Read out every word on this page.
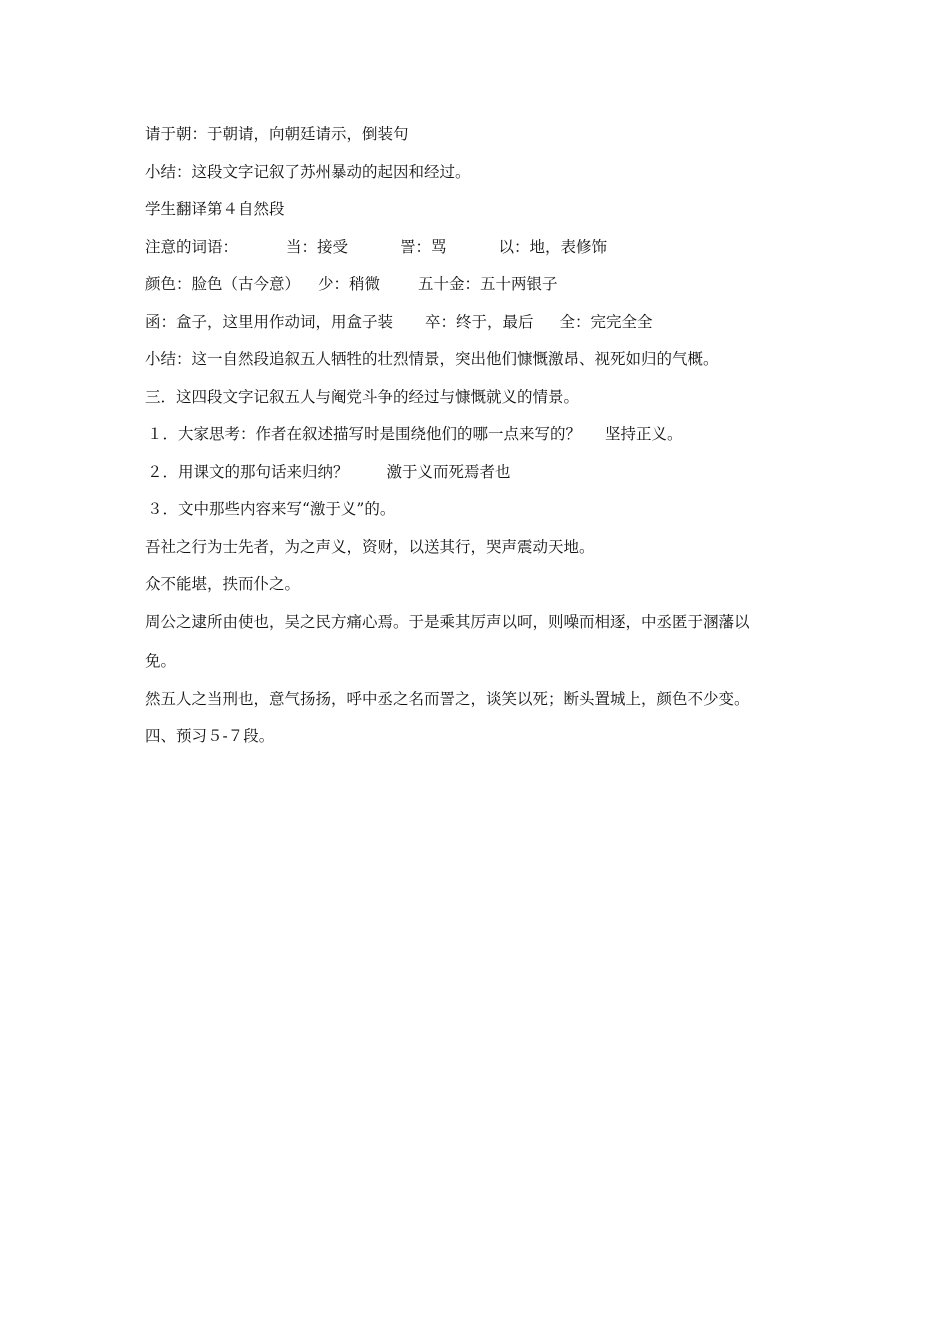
请于朝：于朝请，向朝廷请示，倒装句
小结：这段文字记叙了苏州暴动的起因和经过。
学生翻译第４自然段
注意的词语：	当：接受	詈：骂	以：地，表修饰
颜色：脸色（古今意） 少：稍微 五十金：五十两银子
函：盒子，这里用作动词，用盒子装 卒：终于，最后 全：完完全全
小结：这一自然段追叙五人牺牲的壮烈情景，突出他们慷慨激昂、视死如归的气概。
三．这四段文字记叙五人与阉党斗争的经过与慷慨就义的情景。
１．大家思考：作者在叙述描写时是围绕他们的哪一点来写的？ 坚持正义。
２．用课文的那句话来归纳？ 激于义而死焉者也
３．文中那些内容来写“激于义”的。
吾社之行为士先者，为之声义，资财，以送其行，哭声震动天地。
众不能堪，抶而仆之。
周公之逮所由使也，吴之民方痛心焉。于是乘其厉声以呵，则噪而相逐，中丞匿于溷藩以
免。
然五人之当刑也，意气扬扬，呼中丞之名而詈之，谈笑以死；断头置城上，颜色不少变。
四、预习５-７段。
